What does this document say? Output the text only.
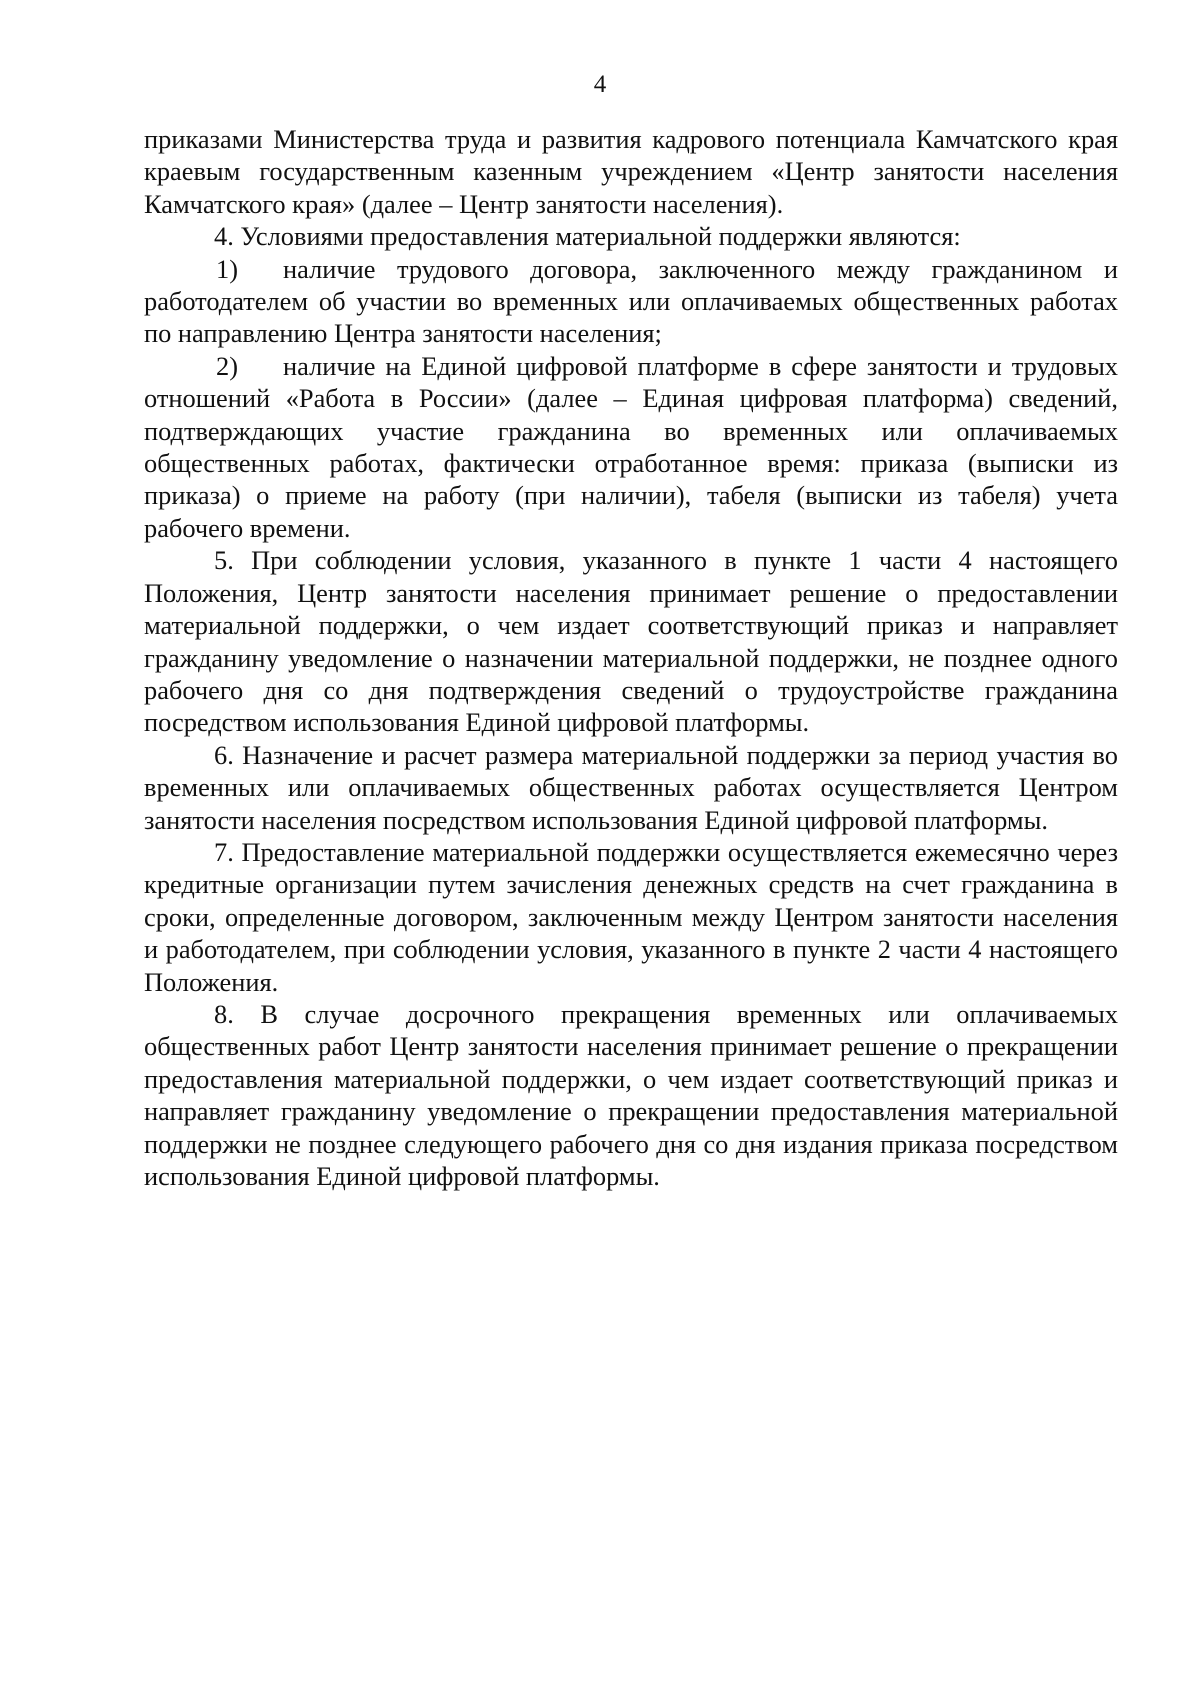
4

приказами Министерства труда и развития кадрового потенциала Камчатского края краевым государственным казенным учреждением «Центр занятости населения Камчатского края» (далее – Центр занятости населения).

4. Условиями предоставления материальной поддержки являются:

1) наличие трудового договора, заключенного между гражданином и работодателем об участии во временных или оплачиваемых общественных работах по направлению Центра занятости населения;

2) наличие на Единой цифровой платформе в сфере занятости и трудовых отношений «Работа в России» (далее – Единая цифровая платформа) сведений, подтверждающих участие гражданина во временных или оплачиваемых общественных работах, фактически отработанное время: приказа (выписки из приказа) о приеме на работу (при наличии), табеля (выписки из табеля) учета рабочего времени.

5. При соблюдении условия, указанного в пункте 1 части 4 настоящего Положения, Центр занятости населения принимает решение о предоставлении материальной поддержки, о чем издает соответствующий приказ и направляет гражданину уведомление о назначении материальной поддержки, не позднее одного рабочего дня со дня подтверждения сведений о трудоустройстве гражданина посредством использования Единой цифровой платформы.

6. Назначение и расчет размера материальной поддержки за период участия во временных или оплачиваемых общественных работах осуществляется Центром занятости населения посредством использования Единой цифровой платформы.

7. Предоставление материальной поддержки осуществляется ежемесячно через кредитные организации путем зачисления денежных средств на счет гражданина в сроки, определенные договором, заключенным между Центром занятости населения и работодателем, при соблюдении условия, указанного в пункте 2 части 4 настоящего Положения.

8. В случае досрочного прекращения временных или оплачиваемых общественных работ Центр занятости населения принимает решение о прекращении предоставления материальной поддержки, о чем издает соответствующий приказ и направляет гражданину уведомление о прекращении предоставления материальной поддержки не позднее следующего рабочего дня со дня издания приказа посредством использования Единой цифровой платформы.
